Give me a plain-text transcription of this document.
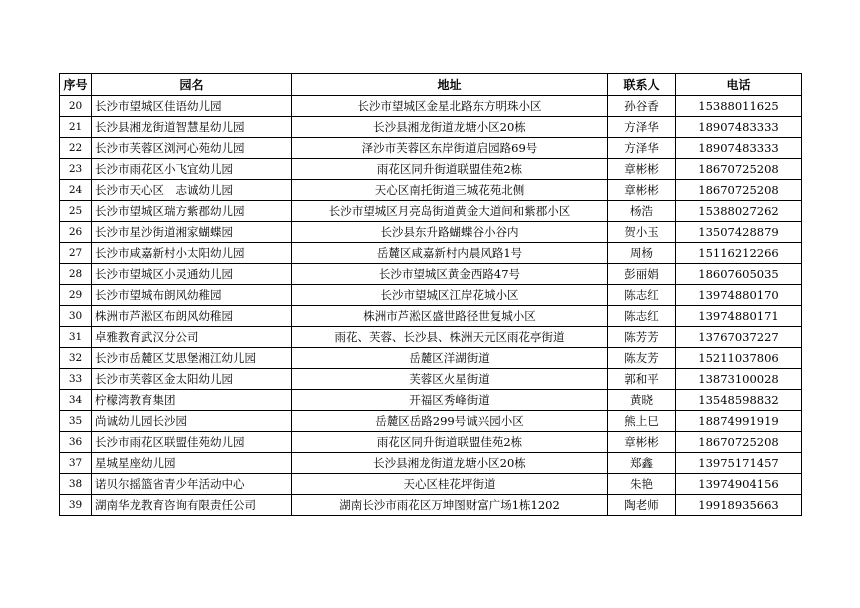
序号	园名	地址	联系人	电话
20	长沙市望城区佳语幼儿园	长沙市望城区金星北路东方明珠小区	孙谷香	15388011625
21	长沙县湘龙街道智慧星幼儿园	长沙县湘龙街道龙塘小区20栋	方泽华	18907483333
22	长沙市芙蓉区浏河心苑幼儿园	泽沙市芙蓉区东岸街道启园路69号	方泽华	18907483333
23	长沙市雨花区小飞宜幼儿园	雨花区同升街道联盟佳苑2栋	章彬彬	18670725208
24	长沙市天心区　志诚幼儿园	天心区南托街道三城花苑北侧	章彬彬	18670725208
25	长沙市望城区瑞方紫郡幼儿园	长沙市望城区月亮岛街道黄金大道间和紫郡小区	杨浩	15388027262
26	长沙市星沙街道湘家蝴蝶园	长沙县东升路蝴蝶谷小谷内	贺小玉	13507428879
27	长沙市咸嘉新村小太阳幼儿园	岳麓区咸嘉新村内晨风路1号	周杨	15116212266
28	长沙市望城区小灵通幼儿园	长沙市望城区黄金西路47号	彭丽娟	18607605035
29	长沙市望城布朗风幼稚园	长沙市望城区江岸花城小区	陈志红	13974880170
30	株洲市芦淞区布朗风幼稚园	株洲市芦淞区盛世路径世复城小区	陈志红	13974880171
31	卓雅教育武汉分公司	雨花、芙蓉、长沙县、株洲天元区雨花亭街道	陈芳芳	13767037227
32	长沙市岳麓区艾思堡湘江幼儿园	岳麓区洋湖街道	陈友芳	15211037806
33	长沙市芙蓉区金太阳幼儿园	芙蓉区火星街道	郭和平	13873100028
34	柠檬湾教育集团	开福区秀峰街道	黄晓	13548598832
35	尚诚幼儿园长沙园	岳麓区岳路299号诚兴园小区	熊上巳	18874991919
36	长沙市雨花区联盟佳苑幼儿园	雨花区同升街道联盟佳苑2栋	章彬彬	18670725208
37	星城星座幼儿园	长沙县湘龙街道龙塘小区20栋	郑鑫	13975171457
38	诺贝尔摇篮省青少年活动中心	天心区桂花坪街道	朱艳	13974904156
39	湖南华龙教育咨询有限责任公司	湖南长沙市雨花区万坤图财富广场1栋1202	陶老师	19918935663
